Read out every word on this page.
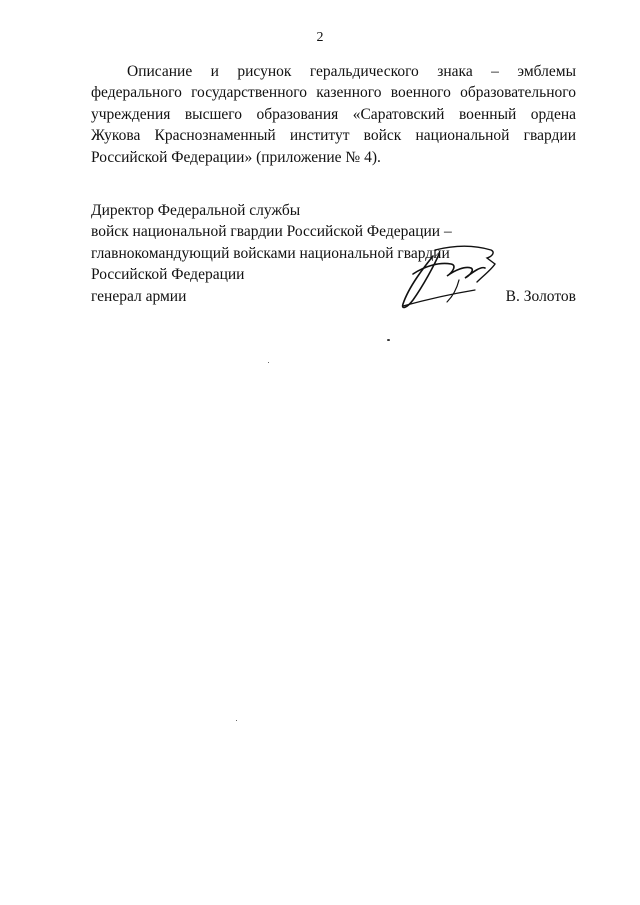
2
Описание и рисунок геральдического знака – эмблемы федерального государственного казенного военного образовательного учреждения высшего образования «Саратовский военный ордена Жукова Краснознаменный институт войск национальной гвардии Российской Федерации» (приложение № 4).
Директор Федеральной службы
войск национальной гвардии Российской Федерации –
главнокомандующий войсками национальной гвардии
Российской Федерации
генерал армии	В. Золотов
